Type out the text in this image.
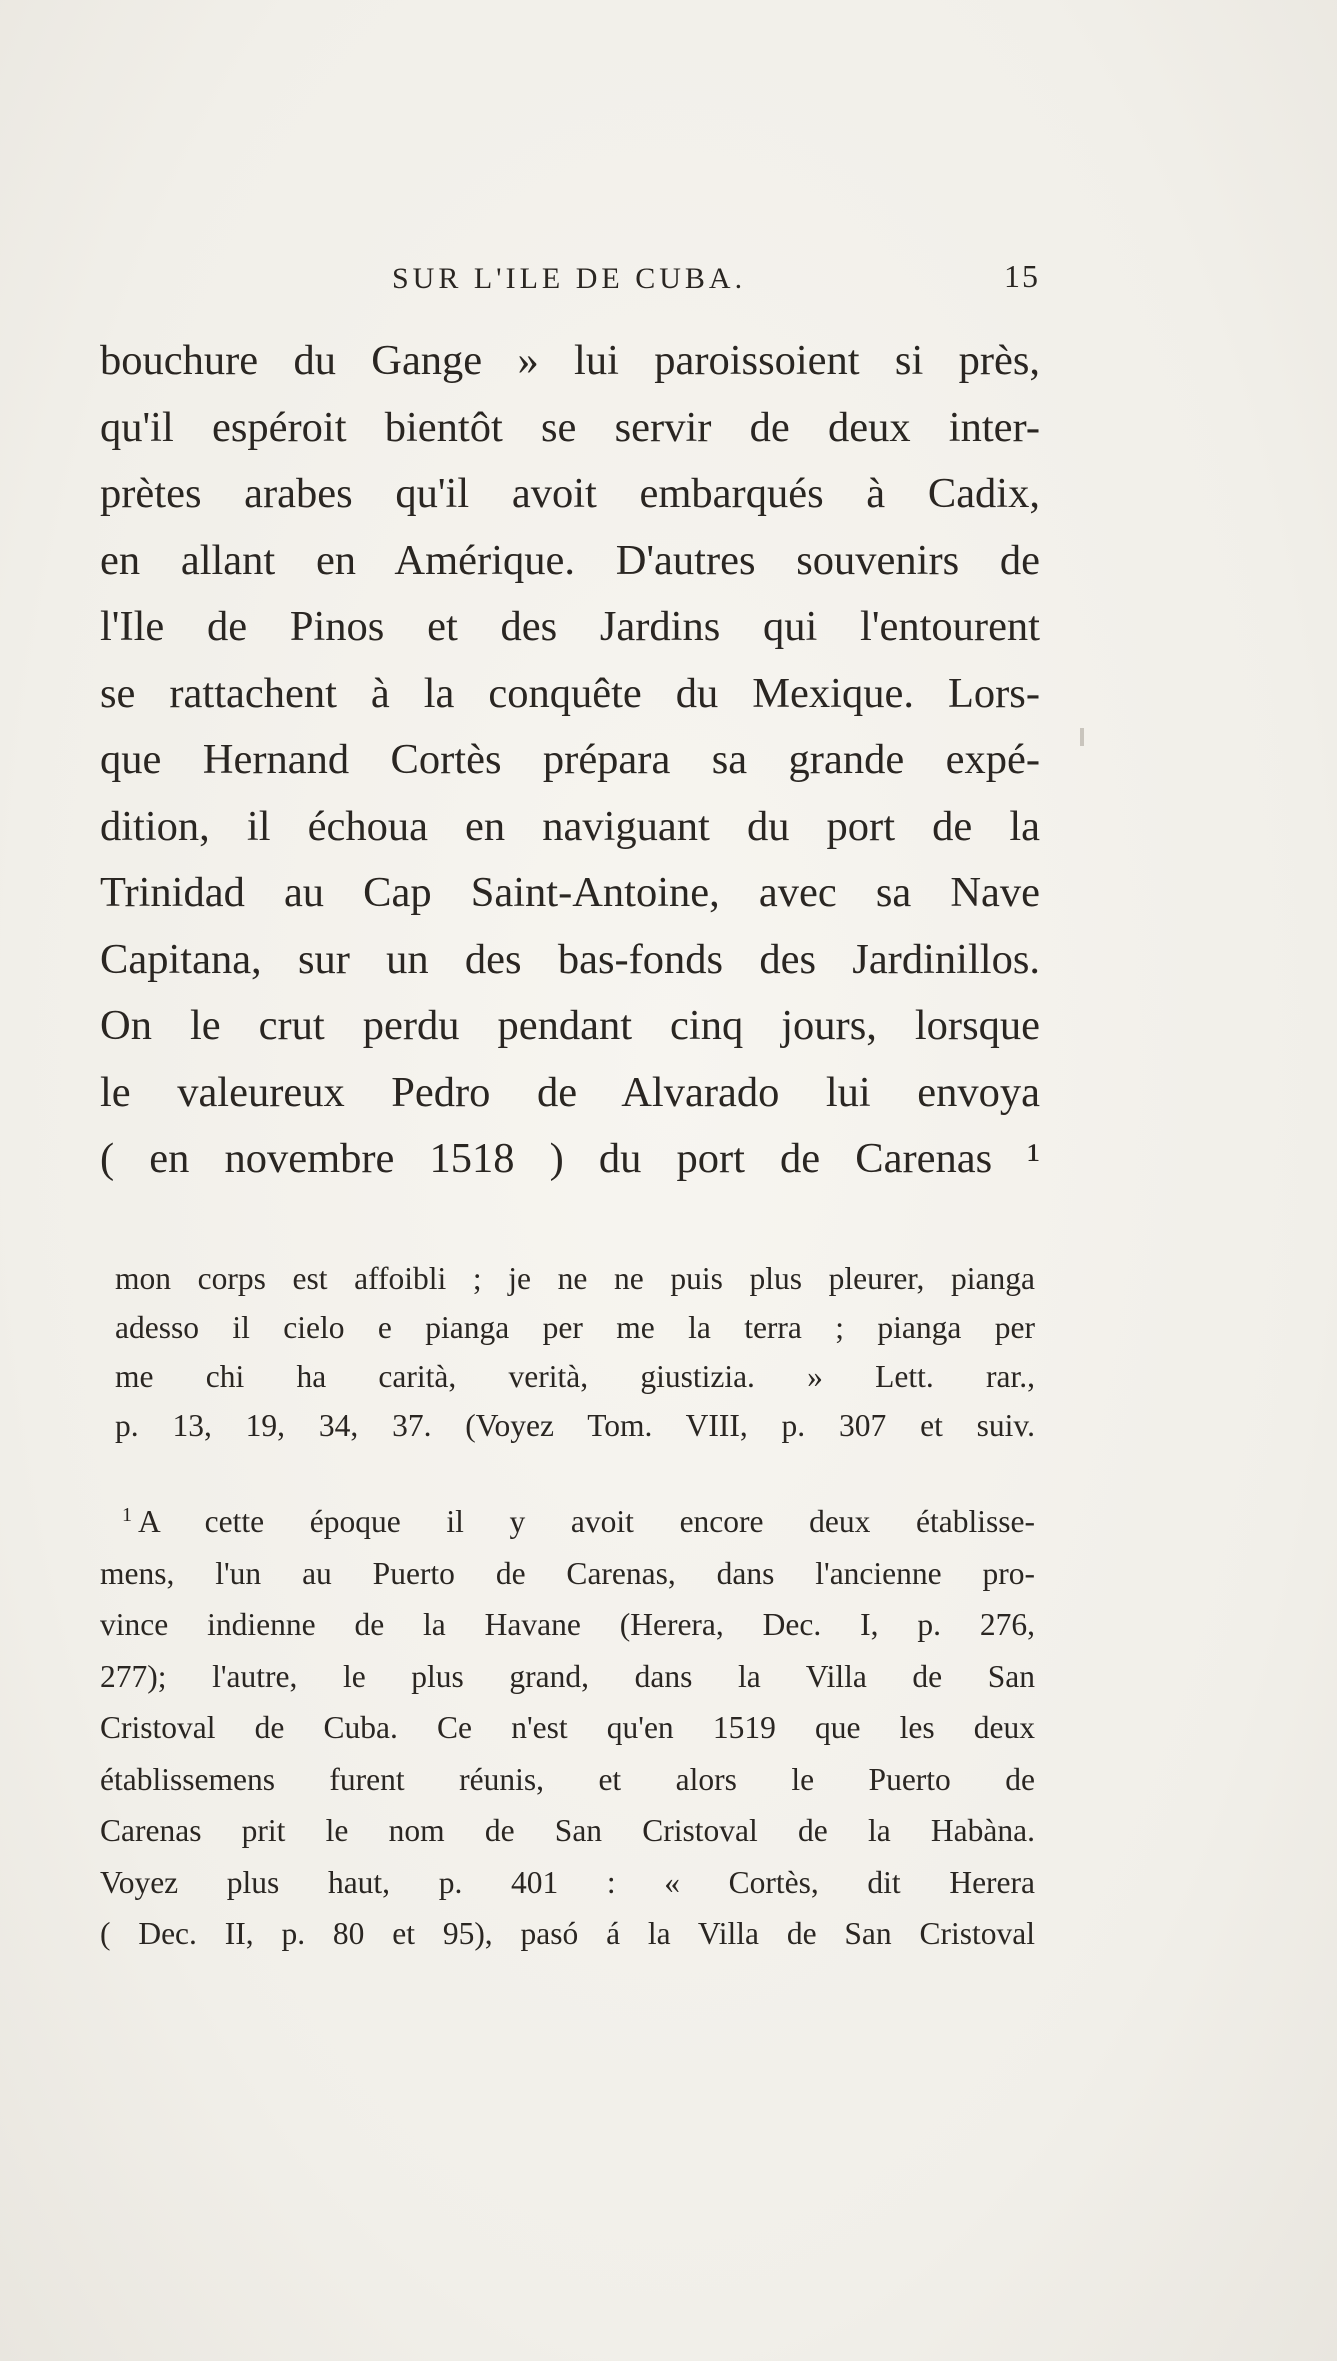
SUR L'ILE DE CUBA.	15
bouchure du Gange » lui paroissoient si près,
qu'il espéroit bientôt se servir de deux inter-
prètes arabes qu'il avoit embarqués à Cadix,
en allant en Amérique. D'autres souvenirs de
l'Ile de Pinos et des Jardins qui l'entourent
se rattachent à la conquête du Mexique. Lors-
que Hernand Cortès prépara sa grande expé-
dition, il échoua en naviguant du port de la
Trinidad au Cap Saint-Antoine, avec sa Nave
Capitana, sur un des bas-fonds des Jardinillos.
On le crut perdu pendant cinq jours, lorsque
le valeureux Pedro de Alvarado lui envoya
( en novembre 1518 ) du port de Carenas ¹
mon corps est affoibli ; je ne ne puis plus pleurer, pianga
adesso il cielo e pianga per me la terra ; pianga per
me chi ha carità, verità, giustizia. » Lett. rar.,
p. 13, 19, 34, 37. (Voyez Tom. VIII, p. 307 et suiv.
$^1$ A cette époque il y avoit encore deux établisse-
mens, l'un au Puerto de Carenas, dans l'ancienne pro-
vince indienne de la Havane (Herera, Dec. I, p. 276,
277); l'autre, le plus grand, dans la Villa de San
Cristoval de Cuba. Ce n'est qu'en 1519 que les deux
établissemens furent réunis, et alors le Puerto de
Carenas prit le nom de San Cristoval de la Habàna.
Voyez plus haut, p. 401 : « Cortès, dit Herera
( Dec. II, p. 80 et 95), pasó á la Villa de San Cristoval
